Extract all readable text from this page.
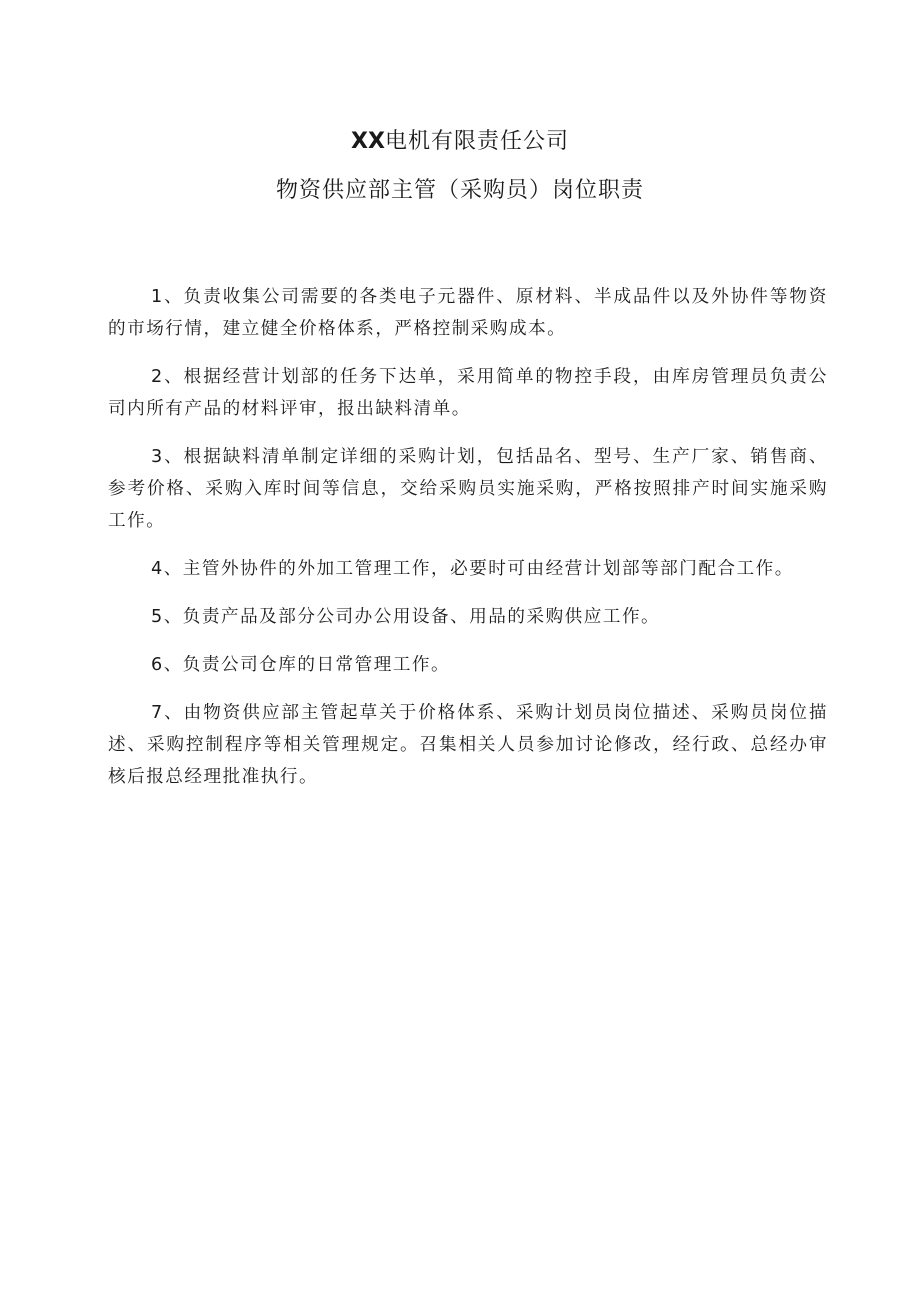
XX电机有限责任公司
物资供应部主管（采购员）岗位职责

1、负责收集公司需要的各类电子元器件、原材料、半成品件以及外协件等物资的市场行情，建立健全价格体系，严格控制采购成本。

2、根据经营计划部的任务下达单，采用简单的物控手段，由库房管理员负责公司内所有产品的材料评审，报出缺料清单。

3、根据缺料清单制定详细的采购计划，包括品名、型号、生产厂家、销售商、参考价格、采购入库时间等信息，交给采购员实施采购，严格按照排产时间实施采购工作。

4、主管外协件的外加工管理工作，必要时可由经营计划部等部门配合工作。

5、负责产品及部分公司办公用设备、用品的采购供应工作。

6、负责公司仓库的日常管理工作。

7、由物资供应部主管起草关于价格体系、采购计划员岗位描述、采购员岗位描述、采购控制程序等相关管理规定。召集相关人员参加讨论修改，经行政、总经办审核后报总经理批准执行。
